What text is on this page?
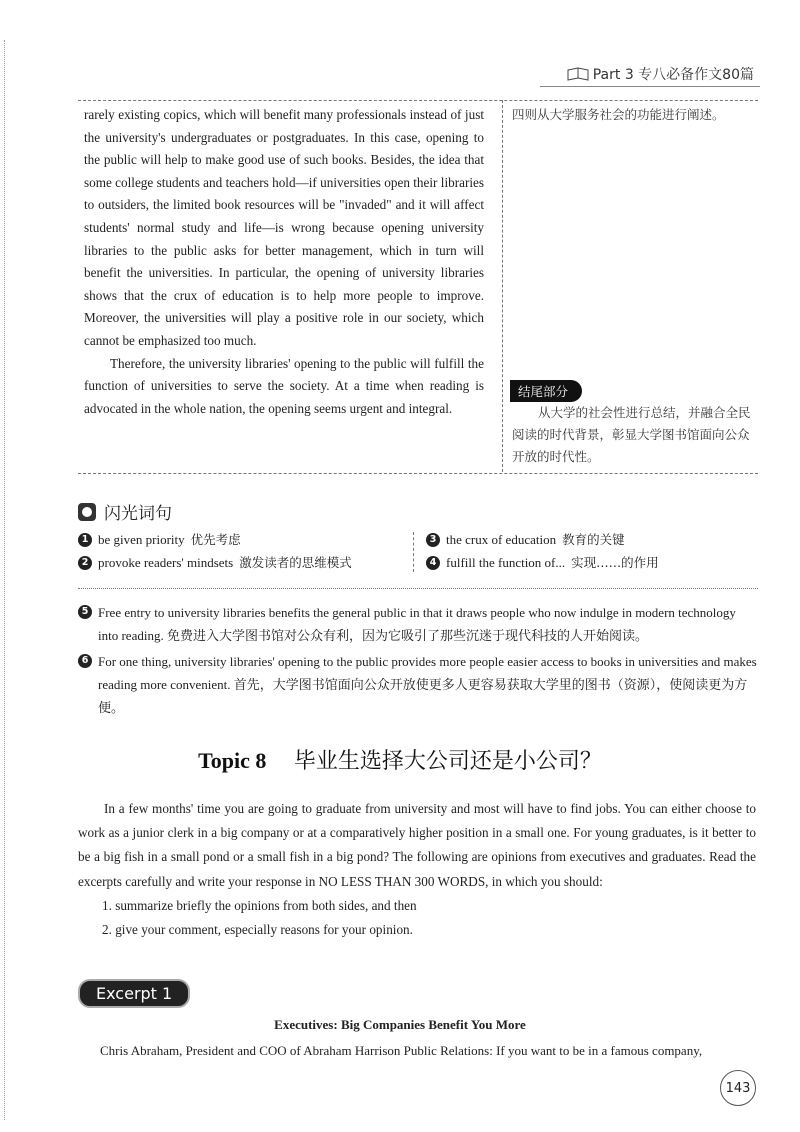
Part 3 专八必备作文80篇

rarely existing copics, which will benefit many professionals instead of just the university's undergraduates or postgraduates. In this case, opening to the public will help to make good use of such books. Besides, the idea that some college students and teachers hold—if universities open their libraries to outsiders, the limited book resources will be "invaded" and it will affect students' normal study and life—is wrong because opening university libraries to the public asks for better management, which in turn will benefit the universities. In particular, the opening of university libraries shows that the crux of education is to help more people to improve. Moreover, the universities will play a positive role in our society, which cannot be emphasized too much.

Therefore, the university libraries' opening to the public will fulfill the function of universities to serve the society. At a time when reading is advocated in the whole nation, the opening seems urgent and integral.

四则从大学服务社会的功能进行阐述。
结尾部分
从大学的社会性进行总结，并融合全民阅读的时代背景，彰显大学图书馆面向公众开放的时代性。
闪光词句
1 be given priority 优先考虑
2 provoke readers' mindsets 激发读者的思维模式
3 the crux of education 教育的关键
4 fulfill the function of... 实现……的作用
5 Free entry to university libraries benefits the general public in that it draws people who now indulge in modern technology into reading. 免费进入大学图书馆对公众有利，因为它吸引了那些沉迷于现代科技的人开始阅读。
6 For one thing, university libraries' opening to the public provides more people easier access to books in universities and makes reading more convenient. 首先，大学图书馆面向公众开放使更多人更容易获取大学里的图书（资源），使阅读更为方便。
Topic 8 毕业生选择大公司还是小公司？

In a few months' time you are going to graduate from university and most will have to find jobs. You can either choose to work as a junior clerk in a big company or at a comparatively higher position in a small one. For young graduates, is it better to be a big fish in a small pond or a small fish in a big pond? The following are opinions from executives and graduates. Read the excerpts carefully and write your response in NO LESS THAN 300 WORDS, in which you should:

1. summarize briefly the opinions from both sides, and then

2. give your comment, especially reasons for your opinion.

Excerpt 1
Executives: Big Companies Benefit You More
Chris Abraham, President and COO of Abraham Harrison Public Relations: If you want to be in a famous company,
143
